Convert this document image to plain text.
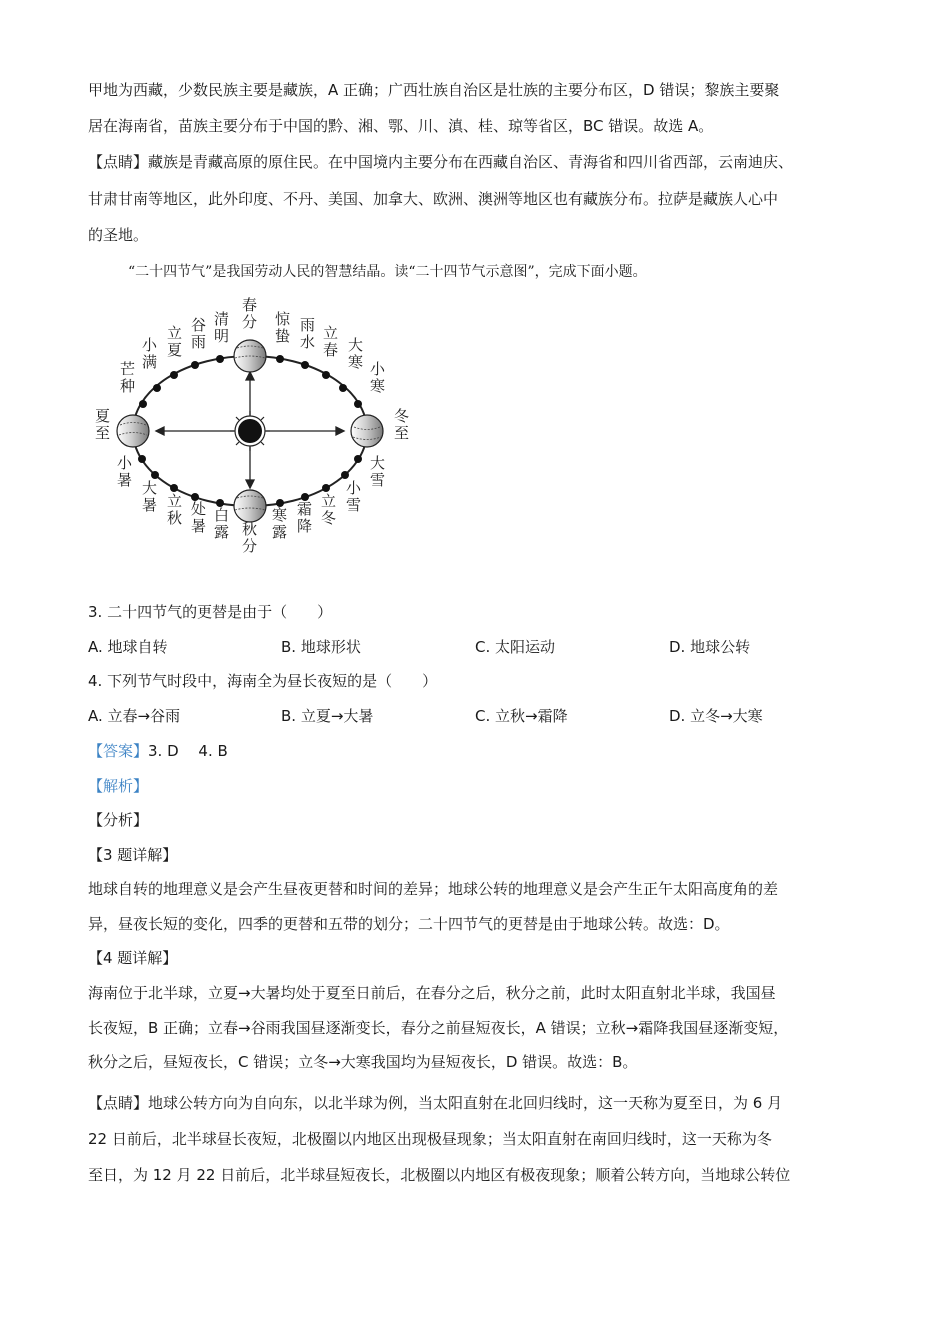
甲地为西藏，少数民族主要是藏族，A 正确；广西壮族自治区是壮族的主要分布区，D 错误；黎族主要聚
居在海南省，苗族主要分布于中国的黔、湘、鄂、川、滇、桂、琼等省区，BC 错误。故选 A。
【点睛】藏族是青藏高原的原住民。在中国境内主要分布在西藏自治区、青海省和四川省西部，云南迪庆、
甘肃甘南等地区，此外印度、不丹、美国、加拿大、欧洲、澳洲等地区也有藏族分布。拉萨是藏族人心中
的圣地。
“二十四节气”是我国劳动人民的智慧结晶。读“二十四节气示意图”，完成下面小题。
春分
清明
谷雨
立夏
小满
芒种
夏至
小暑 大暑 立秋 处暑
白露 秋分
寒露
霜降
立冬
小雪
大雪
冬至
小寒
大寒
立春
雨水
惊蛰
3. 二十四节气的更替是由于（　　）
A. 地球自转	B. 地球形状	C. 太阳运动	D. 地球公转
4. 下列节气时段中，海南全为昼长夜短的是（　　）
A. 立春→谷雨	B. 立夏→大暑	C. 立秋→霜降	D. 立冬→大寒
【答案】3. D　 4. B
【解析】
【分析】
【3 题详解】
地球自转的地理意义是会产生昼夜更替和时间的差异；地球公转的地理意义是会产生正午太阳高度角的差
异，昼夜长短的变化，四季的更替和五带的划分；二十四节气的更替是由于地球公转。故选：D。
【4 题详解】
海南位于北半球，立夏→大暑均处于夏至日前后，在春分之后，秋分之前，此时太阳直射北半球，我国昼
长夜短，B 正确；立春→谷雨我国昼逐渐变长，春分之前昼短夜长，A 错误；立秋→霜降我国昼逐渐变短，
秋分之后，昼短夜长，C 错误；立冬→大寒我国均为昼短夜长，D 错误。故选：B。
【点睛】地球公转方向为自向东，以北半球为例，当太阳直射在北回归线时，这一天称为夏至日，为 6 月
22 日前后，北半球昼长夜短，北极圈以内地区出现极昼现象；当太阳直射在南回归线时，这一天称为冬
至日，为 12 月 22 日前后，北半球昼短夜长，北极圈以内地区有极夜现象；顺着公转方向，当地球公转位
